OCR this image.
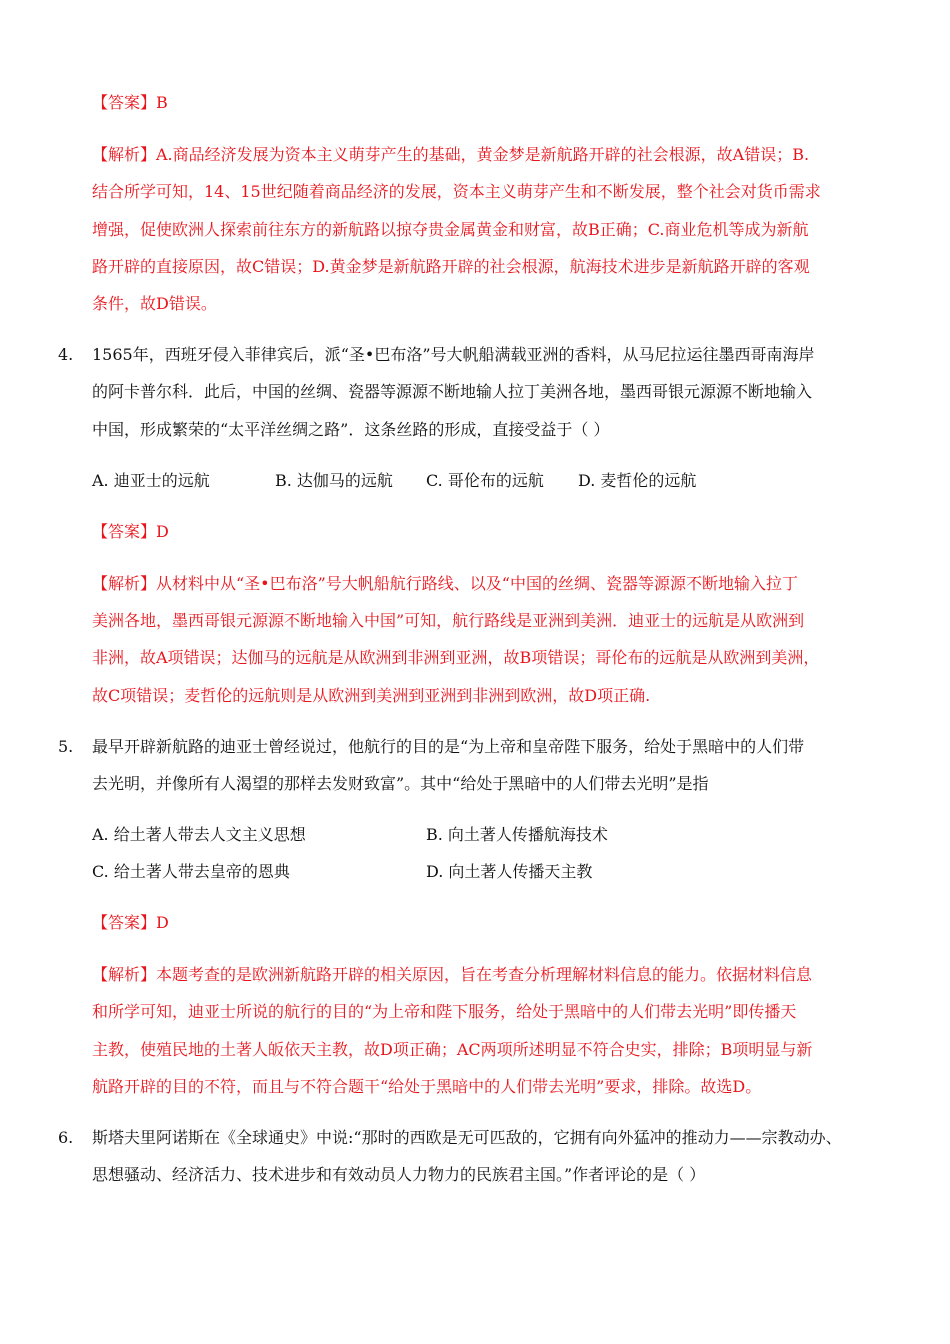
【答案】B
【解析】A.商品经济发展为资本主义萌芽产生的基础，黄金梦是新航路开辟的社会根源，故A错误；B.
结合所学可知，14、15世纪随着商品经济的发展，资本主义萌芽产生和不断发展，整个社会对货币需求
增强，促使欧洲人探索前往东方的新航路以掠夺贵金属黄金和财富，故B正确；C.商业危机等成为新航
路开辟的直接原因，故C错误；D.黄金梦是新航路开辟的社会根源，航海技术进步是新航路开辟的客观
条件，故D错误。
4. 1565年，西班牙侵入菲律宾后，派“圣•巴布洛”号大帆船满载亚洲的香料，从马尼拉运往墨西哥南海岸
的阿卡普尔科．此后，中国的丝绸、瓷器等源源不断地输人拉丁美洲各地，墨西哥银元源源不断地输入
中国，形成繁荣的“太平洋丝绸之路”．这条丝路的形成，直接受益于（ ）
A. 迪亚士的远航	B. 达伽马的远航 C. 哥伦布的远航 D. 麦哲伦的远航
【答案】D
【解析】从材料中从“圣•巴布洛”号大帆船航行路线、以及“中国的丝绸、瓷器等源源不断地输入拉丁
美洲各地，墨西哥银元源源不断地输入中国”可知，航行路线是亚洲到美洲．迪亚士的远航是从欧洲到
非洲，故A项错误；达伽马的远航是从欧洲到非洲到亚洲，故B项错误；哥伦布的远航是从欧洲到美洲，
故C项错误；麦哲伦的远航则是从欧洲到美洲到亚洲到非洲到欧洲，故D项正确.
5. 最早开辟新航路的迪亚士曾经说过，他航行的目的是“为上帝和皇帝陛下服务，给处于黑暗中的人们带
去光明，并像所有人渴望的那样去发财致富”。其中“给处于黑暗中的人们带去光明”是指
A. 给土著人带去人文主义思想	B. 向土著人传播航海技术
C. 给土著人带去皇帝的恩典	D. 向土著人传播天主教
【答案】D
【解析】本题考查的是欧洲新航路开辟的相关原因，旨在考查分析理解材料信息的能力。依据材料信息
和所学可知，迪亚士所说的航行的目的“为上帝和陛下服务，给处于黑暗中的人们带去光明”即传播天
主教，使殖民地的土著人皈依天主教，故D项正确；AC两项所述明显不符合史实，排除；B项明显与新
航路开辟的目的不符，而且与不符合题干“给处于黑暗中的人们带去光明”要求，排除。故选D。
6. 斯塔夫里阿诺斯在《全球通史》中说:“那时的西欧是无可匹敌的，它拥有向外猛冲的推动力——宗教动办、
思想骚动、经济活力、技术进步和有效动员人力物力的民族君主国。”作者评论的是（ ）
